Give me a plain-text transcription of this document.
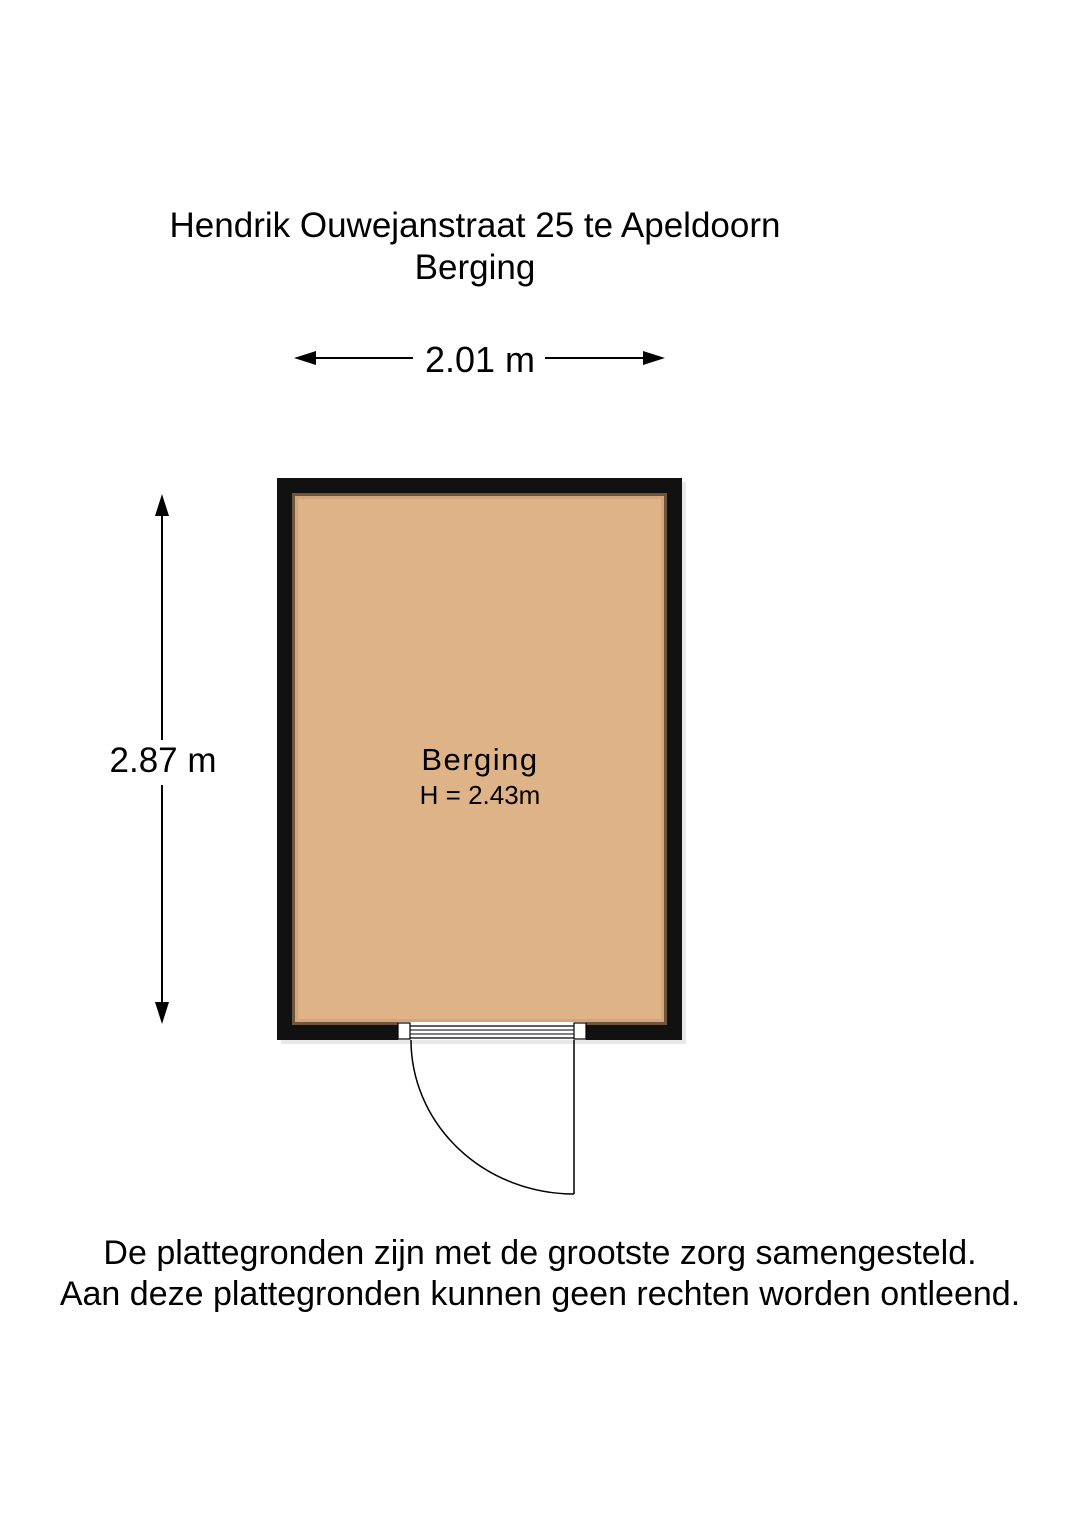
Hendrik Ouwejanstraat 25 te Apeldoorn
Berging
2.01 m
2.87 m	Berging
H = 2.43m
De plattegronden zijn met de grootste zorg samengesteld.
Aan deze plattegronden kunnen geen rechten worden ontleend.
